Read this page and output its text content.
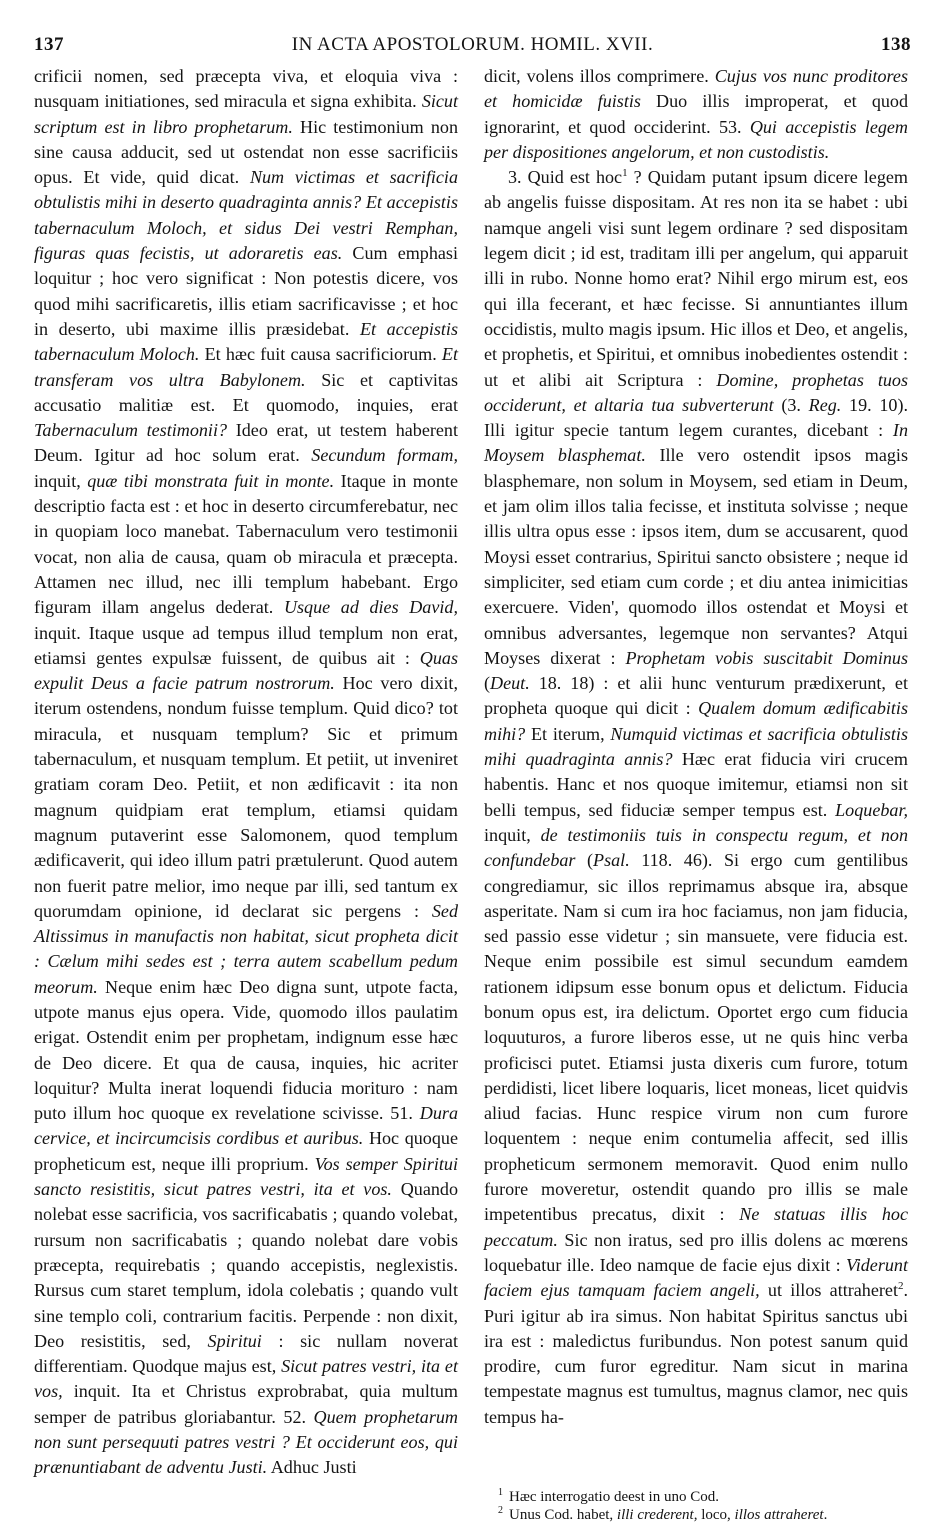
137	IN ACTA APOSTOLORUM. HOMIL. XVII.	138

crificii nomen, sed præcepta viva, et eloquia viva : nusquam initiationes, sed miracula et signa exhibita. Sicut scriptum est in libro prophetarum. Hic testimonium non sine causa adducit, sed ut ostendat non esse sacrificiis opus. Et vide, quid dicat. Num victimas et sacrificia obtulistis mihi in deserto quadraginta annis? Et accepistis tabernaculum Moloch, et sidus Dei vestri Remphan, figuras quas fecistis, ut adoraretis eas. Cum emphasi loquitur ; hoc vero significat : Non potestis dicere, vos quod mihi sacrificaretis, illis etiam sacrificavisse ; et hoc in deserto, ubi maxime illis præsidebat. Et accepistis tabernaculum Moloch. Et hæc fuit causa sacrificiorum. Et transferam vos ultra Babylonem. Sic et captivitas accusatio malitiæ est. Et quomodo, inquies, erat Tabernaculum testimonii? Ideo erat, ut testem haberent Deum. Igitur ad hoc solum erat. Secundum formam, inquit, quæ tibi monstrata fuit in monte. Itaque in monte descriptio facta est : et hoc in deserto circumferebatur, nec in quopiam loco manebat. Tabernaculum vero testimonii vocat, non alia de causa, quam ob miracula et præcepta. Attamen nec illud, nec illi templum habebant. Ergo figuram illam angelus dederat. Usque ad dies David, inquit. Itaque usque ad tempus illud templum non erat, etiamsi gentes expulsæ fuissent, de quibus ait : Quas expulit Deus a facie patrum nostrorum. Hoc vero dixit, iterum ostendens, nondum fuisse templum. Quid dico? tot miracula, et nusquam templum? Sic et primum tabernaculum, et nusquam templum. Et petiit, ut inveniret gratiam coram Deo. Petiit, et non ædificavit : ita non magnum quidpiam erat templum, etiamsi quidam magnum putaverint esse Salomonem, quod templum ædificaverit, qui ideo illum patri prætulerunt. Quod autem non fuerit patre melior, imo neque par illi, sed tantum ex quorumdam opinione, id declarat sic pergens : Sed Altissimus in manufactis non habitat, sicut propheta dicit : Cælum mihi sedes est ; terra autem scabellum pedum meorum. Neque enim hæc Deo digna sunt, utpote facta, utpote manus ejus opera. Vide, quomodo illos paulatim erigat. Ostendit enim per prophetam, indignum esse hæc de Deo dicere. Et qua de causa, inquies, hic acriter loquitur? Multa inerat loquendi fiducia morituro : nam puto illum hoc quoque ex revelatione scivisse. 51. Dura cervice, et incircumcisis cordibus et auribus. Hoc quoque propheticum est, neque illi proprium. Vos semper Spiritui sancto resistitis, sicut patres vestri, ita et vos. Quando nolebat esse sacrificia, vos sacrificabatis ; quando volebat, rursum non sacrificabatis ; quando nolebat dare vobis præcepta, requirebatis ; quando accepistis, neglexistis. Rursus cum staret templum, idola colebatis ; quando vult sine templo coli, contrarium facitis. Perpende : non dixit, Deo resistitis, sed, Spiritui : sic nullam noverat differentiam. Quodque majus est, Sicut patres vestri, ita et vos, inquit. Ita et Christus exprobrabat, quia multum semper de patribus gloriabantur. 52. Quem prophetarum non sunt persequuti patres vestri ? Et occiderunt eos, qui prænuntiabant de adventu Justi. Adhuc Justi

dicit, volens illos comprimere. Cujus vos nunc proditores et homicidæ fuistis Duo illis improperat, et quod ignorarint, et quod occiderint. 53. Qui accepistis legem per dispositiones angelorum, et non custodistis.

3. Quid est hoc$^1$ ? Quidam putant ipsum dicere legem ab angelis fuisse dispositam. At res non ita se habet : ubi namque angeli visi sunt legem ordinare ? sed dispositam legem dicit ; id est, traditam illi per angelum, qui apparuit illi in rubo. Nonne homo erat? Nihil ergo mirum est, eos qui illa fecerant, et hæc fecisse. Si annuntiantes illum occidistis, multo magis ipsum. Hic illos et Deo, et angelis, et prophetis, et Spiritui, et omnibus inobedientes ostendit : ut et alibi ait Scriptura : Domine, prophetas tuos occiderunt, et altaria tua subverterunt (3. Reg. 19. 10). Illi igitur specie tantum legem curantes, dicebant : In Moysem blasphemat. Ille vero ostendit ipsos magis blasphemare, non solum in Moysem, sed etiam in Deum, et jam olim illos talia fecisse, et instituta solvisse ; neque illis ultra opus esse : ipsos item, dum se accusarent, quod Moysi esset contrarius, Spiritui sancto obsistere ; neque id simpliciter, sed etiam cum corde ; et diu antea inimicitias exercuere. Viden', quomodo illos ostendat et Moysi et omnibus adversantes, legemque non servantes? Atqui Moyses dixerat : Prophetam vobis suscitabit Dominus (Deut. 18. 18) : et alii hunc venturum prædixerunt, et propheta quoque qui dicit : Qualem domum ædificabitis mihi? Et iterum, Numquid victimas et sacrificia obtulistis mihi quadraginta annis? Hæc erat fiducia viri crucem habentis. Hanc et nos quoque imitemur, etiamsi non sit belli tempus, sed fiduciæ semper tempus est. Loquebar, inquit, de testimoniis tuis in conspectu regum, et non confundebar (Psal. 118. 46). Si ergo cum gentilibus congrediamur, sic illos reprimamus absque ira, absque asperitate. Nam si cum ira hoc faciamus, non jam fiducia, sed passio esse videtur ; sin mansuete, vere fiducia est. Neque enim possibile est simul secundum eamdem rationem idipsum esse bonum opus et delictum. Fiducia bonum opus est, ira delictum. Oportet ergo cum fiducia loquuturos, a furore liberos esse, ut ne quis hinc verba proficisci putet. Etiamsi justa dixeris cum furore, totum perdidisti, licet libere loquaris, licet moneas, licet quidvis aliud facias. Hunc respice virum non cum furore loquentem : neque enim contumelia affecit, sed illis propheticum sermonem memoravit. Quod enim nullo furore moveretur, ostendit quando pro illis se male impetentibus precatus, dixit : Ne statuas illis hoc peccatum. Sic non iratus, sed pro illis dolens ac mœrens loquebatur ille. Ideo namque de facie ejus dixit : Viderunt faciem ejus tamquam faciem angeli, ut illos attraheret$^2$. Puri igitur ab ira simus. Non habitat Spiritus sanctus ubi ira est : maledictus furibundus. Non potest sanum quid prodire, cum furor egreditur. Nam sicut in marina tempestate magnus est tumultus, magnus clamor, nec quis tempus ha-

$^1$ Hæc interrogatio deest in uno Cod.
$^2$ Unus Cod. habet, illi crederent, loco, illos attraheret.
